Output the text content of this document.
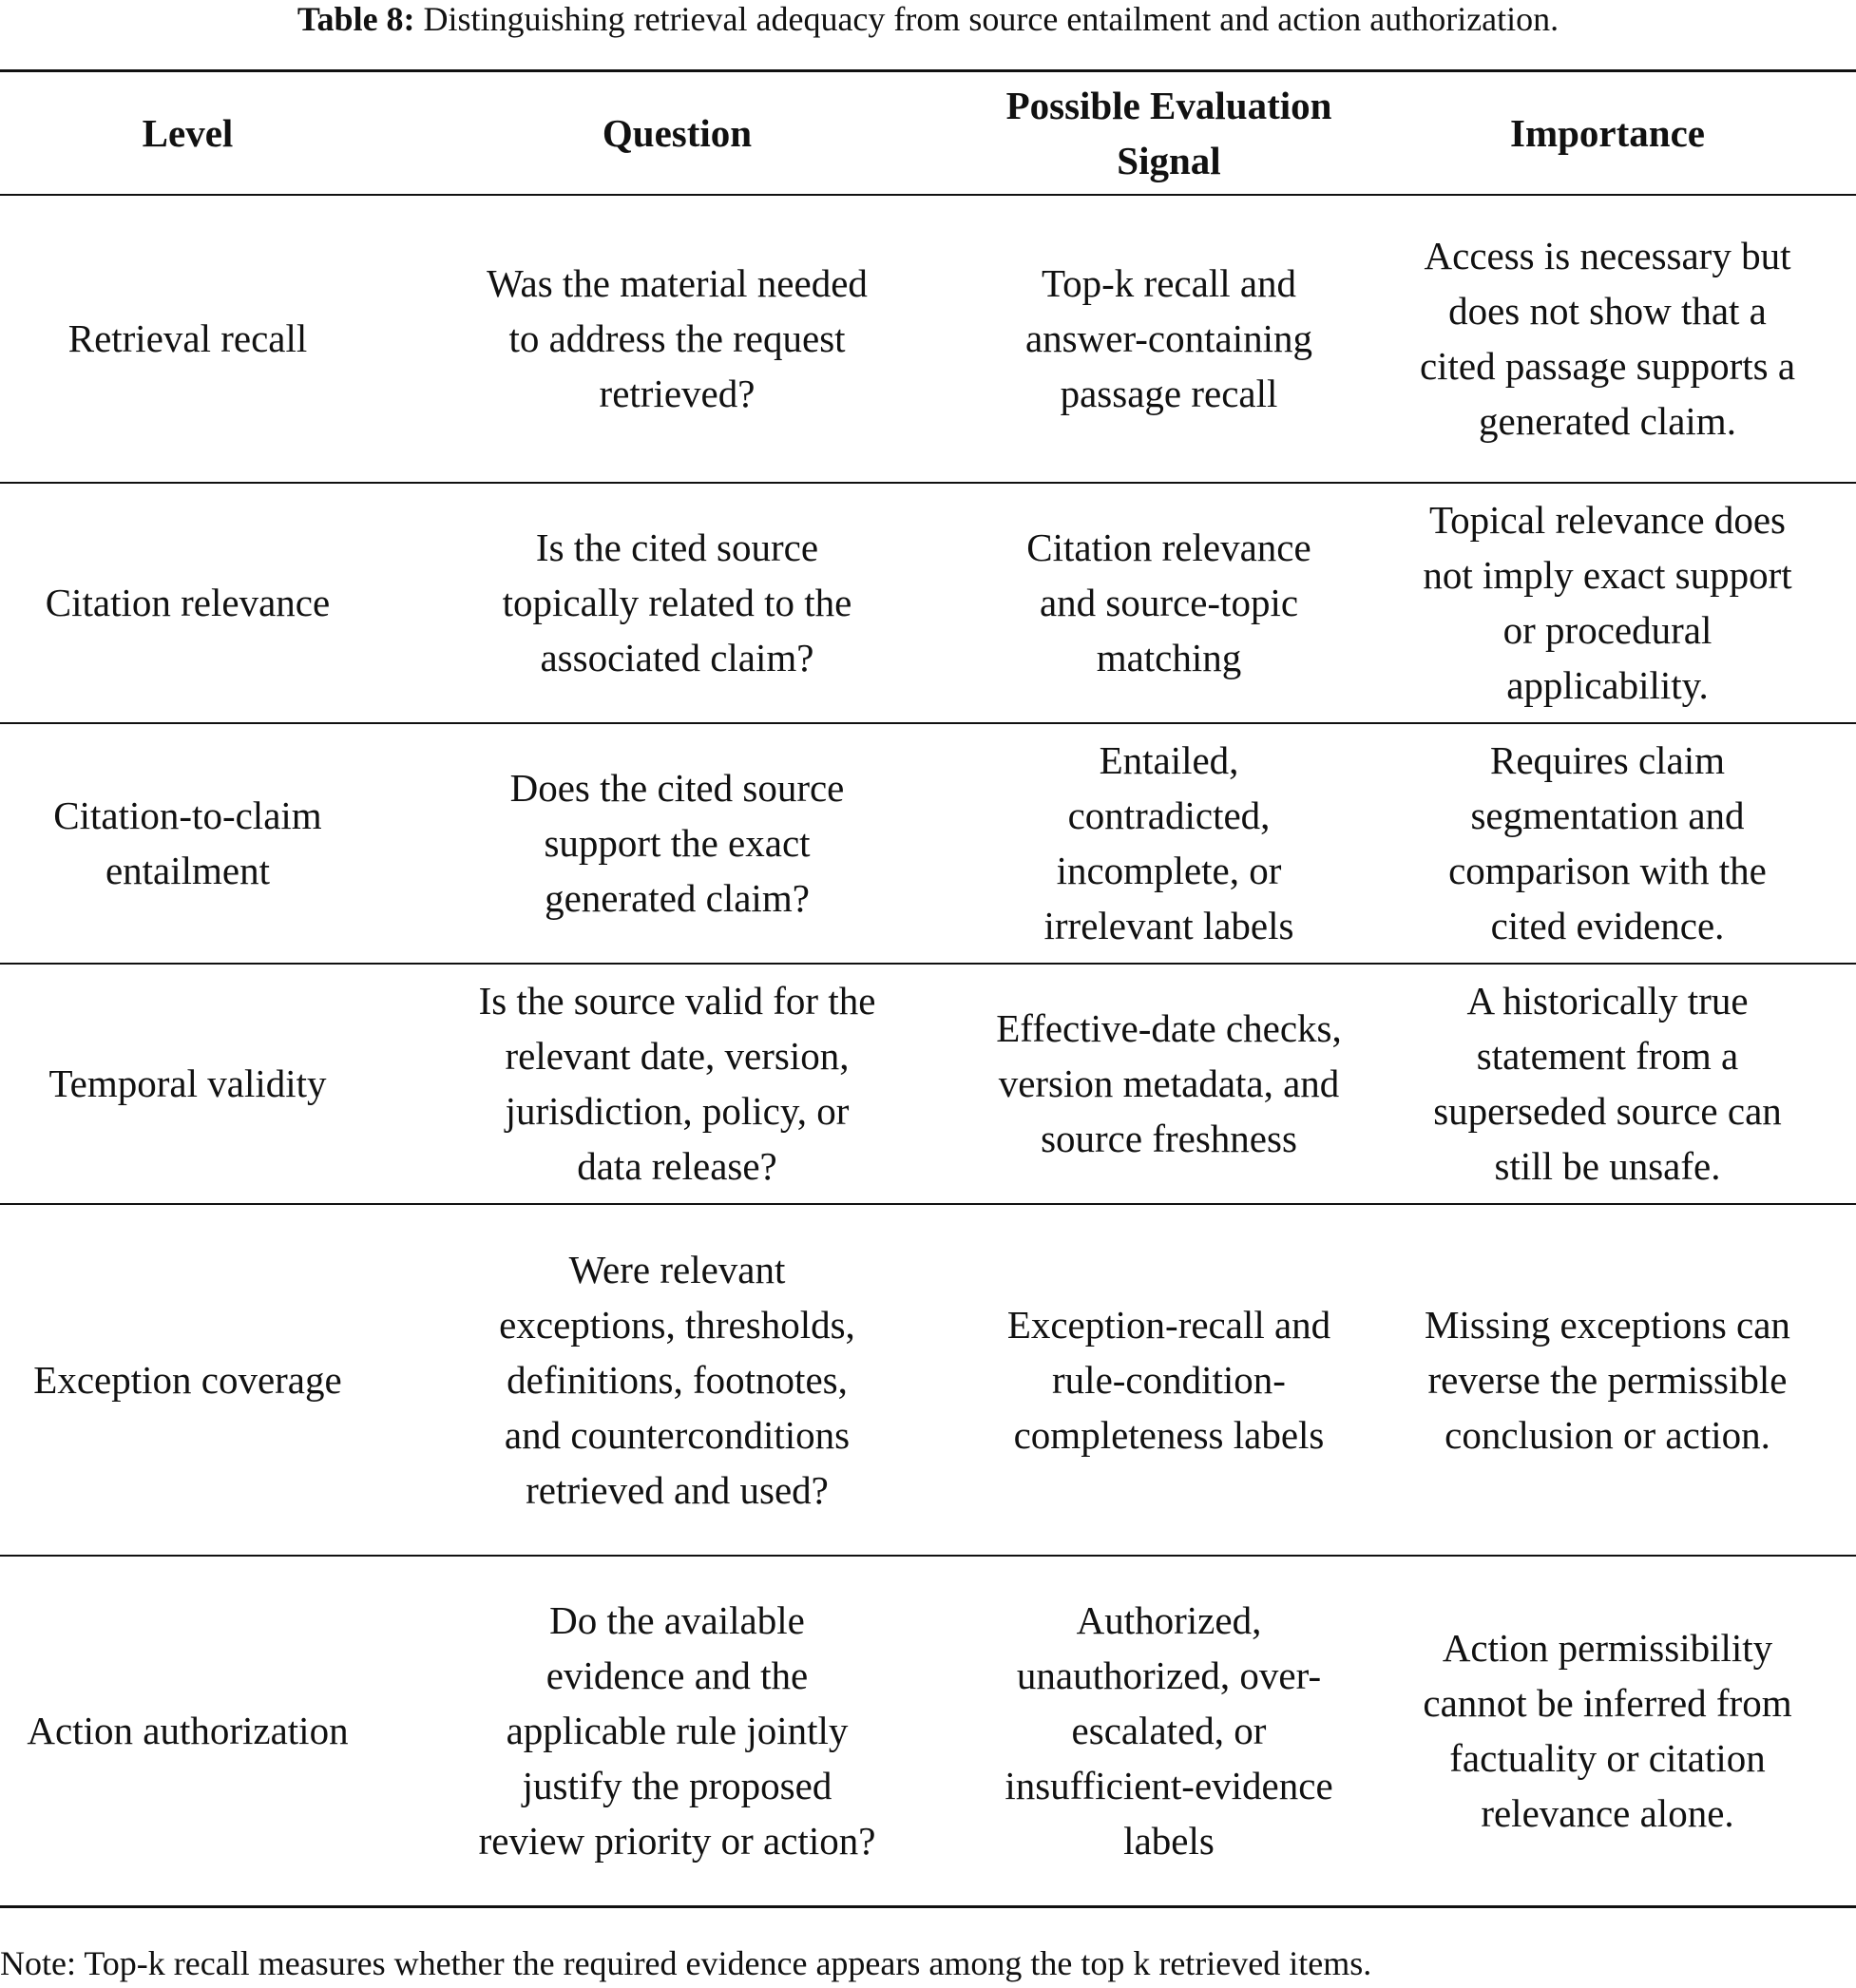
Table 8: Distinguishing retrieval adequacy from source entailment and action authorization.
Level	Question	Possible Evaluation Signal	Importance

Retrieval recall	Was the material needed to address the request retrieved?	Top-k recall and answer-containing passage recall	Access is necessary but does not show that a cited passage supports a generated claim.

Citation relevance	Is the cited source topically related to the associated claim?	Citation relevance and source-topic matching	Topical relevance does not imply exact support or procedural applicability.

Citation-to-claim entailment	Does the cited source support the exact generated claim?	Entailed, contradicted, incomplete, or irrelevant labels	Requires claim segmentation and comparison with the cited evidence.

Temporal validity	Is the source valid for the relevant date, version, jurisdiction, policy, or data release?	Effective-date checks, version metadata, and source freshness	A historically true statement from a superseded source can still be unsafe.

Exception coverage	Were relevant exceptions, thresholds, definitions, footnotes, and counterconditions retrieved and used?	Exception-recall and rule-condition-completeness labels	Missing exceptions can reverse the permissible conclusion or action.

Action authorization	Do the available evidence and the applicable rule jointly justify the proposed review priority or action?	Authorized, unauthorized, over-escalated, or insufficient-evidence labels	Action permissibility cannot be inferred from factuality or citation relevance alone.
Note: Top-k recall measures whether the required evidence appears among the top k retrieved items.
